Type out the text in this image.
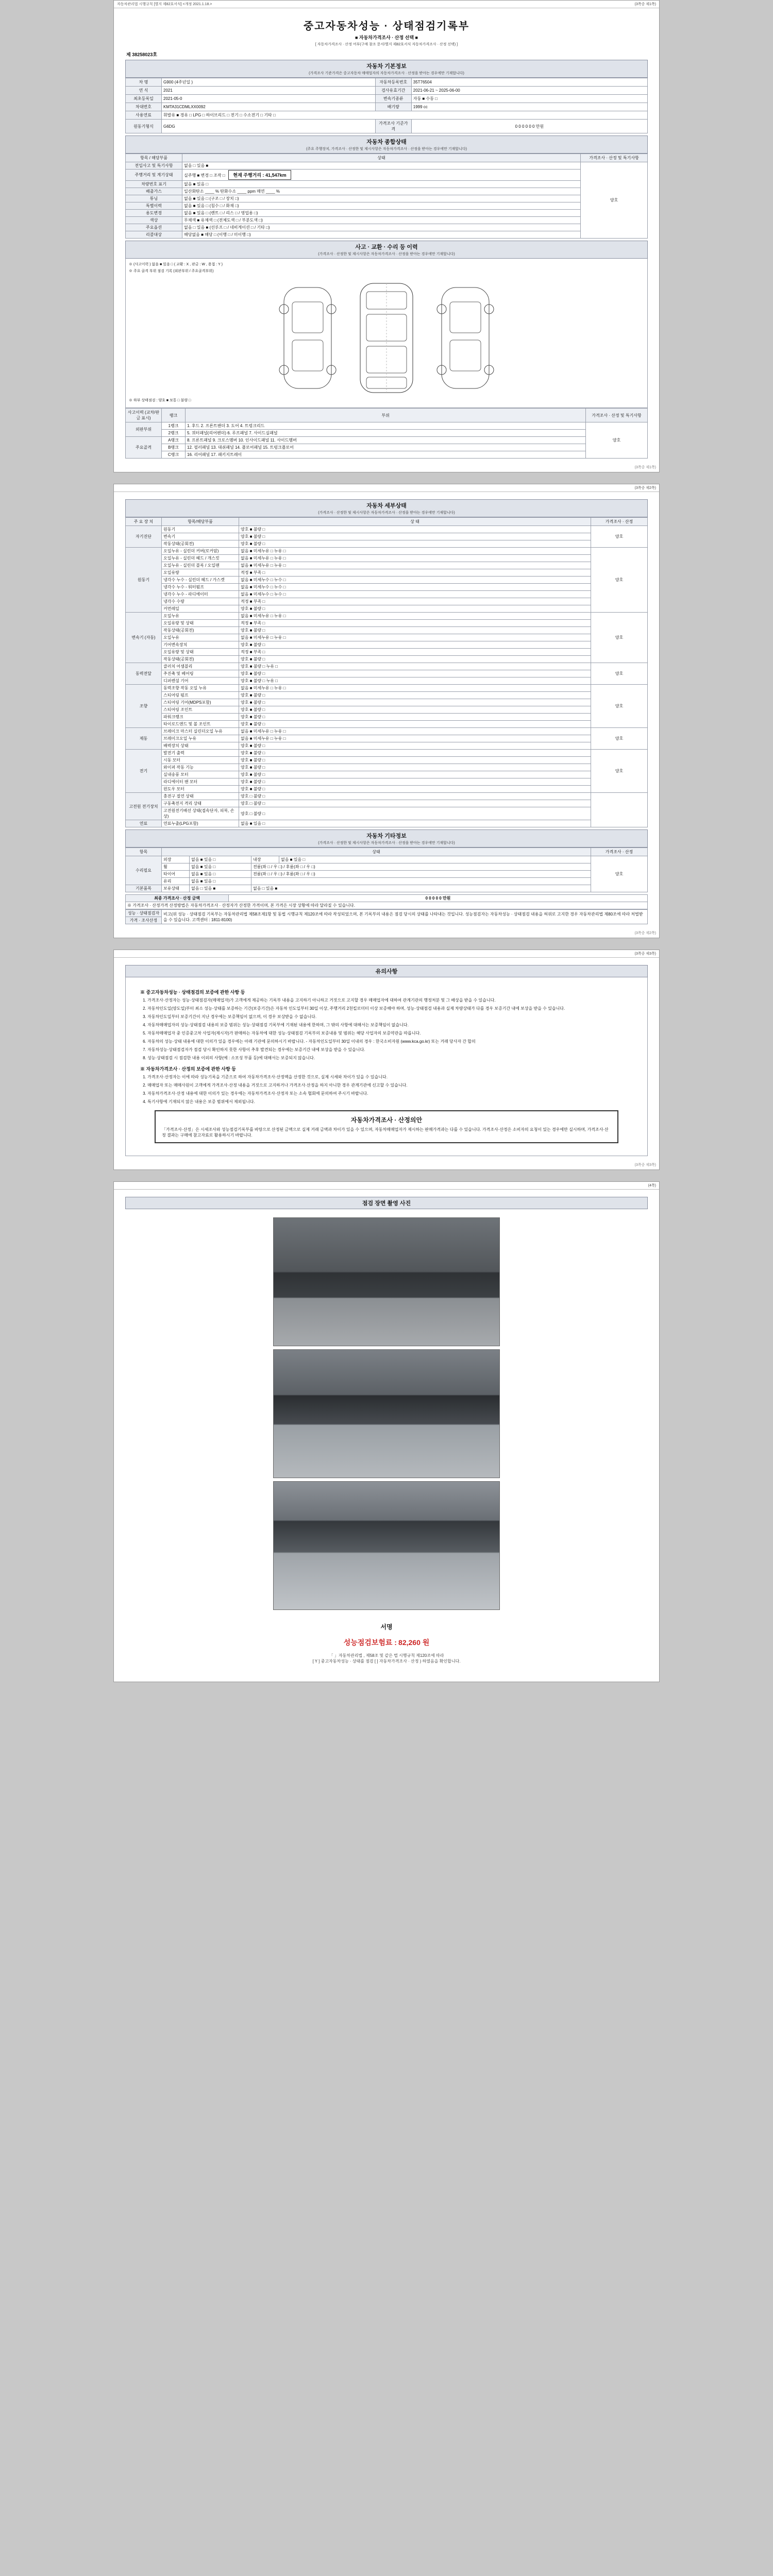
자동차관리법 시행규칙 [별지 제82호서식] <개정 2021.1.18.>	(3쪽중 제1쪽)
중고자동차성능 · 상태점검기록부
■ 자동차가격조사 · 산정 선택 ■
[ 자동차가격조사 · 산정 여부(구매 참조 문서/별지 제82호서식 자동차가격조사 · 산정 선택) ]
제 38258023호
자동차 기본정보
(가격조사 기준가격은 중고자동차 매매업자의 자동차가격조사 · 산정을 받아는 경우에만 기재합니다)
차 명	G900 (4주년일 )	자동차등록번호	35T76504
연 식	2021	검사유효기간	2021-06-21 ~ 2025-06-00
최초등록일	2021-05-0	변속기종류	자동 ■ 수동 □
차대번호	KMTA31CDMLXX0092	배기량	1999 cc
사용연료	휘발유 ■ 경유 □ LPG □ 하이브리드 □ 전기 □ 수소전기 □ 기타 □		
원동기형식	G6DG	가격조사 기준가격	0 0 0 0 0 0 만원
자동차 종합상태
(주요 주행장치, 가격조사 · 산정한 및 제시사항은 자동차가격조사 · 산정을 받아는 경우에만 기재합니다)
항목 / 해당부품	상태	가격조사 · 산정 및 특기사항
전입사고 및 특기사항	없음 □ 있음 ■	양호
주행거리 및 계기상태	실주행 ■ 변경 □ 조작 □ 현재 주행거리 : 41,547km	
차량번호 표기	없음 ■ 있음 □	
배출가스	일산화탄소 ____ % 탄화수소 ____ ppm 매연 ____ %	
튜닝	없음 ■ 있음 □ (구조 □ / 장치 □)	
특별이력	없음 ■ 있음 □ (침수 □ / 화재 □)	
용도변경	없음 ■ 있음 □ (렌트 □ / 리스 □ / 영업용 □)	
색상	무채색 ■ 유채색 □ (전체도색 □ / 부분도색 □)	
주요옵션	없음 □ 있음 ■ (선루프 □ / 네비게이션 □ / 기타 □)	
리콜대상	해당없음 ■ 해당 □ (이행 □ / 미이행 □)	
사고 · 교환 · 수리 등 이력
(가격조사 · 산정한 및 제시사항은 자동차가격조사 · 산정을 받아는 경우에만 기재합니다)
※ (사고이력 ) 없음 ■ 있음 □ ( 교환 : X , 판금 : W , 용접 : Y )
※ 주요 골격 부위 점검 기록 (외판부위 / 주요골격부위)
※ 하부 상태점검 : 양호 ■ 보통 □ 불량 □
사고이력 (교차/판금 표시)	랭크	부위	가격조사 · 산정 및 특기사항
외판부위	1랭크	1. 후드 2. 프론트팬더 3. 도어 4. 트렁크리드	양호
	2랭크	5. 쿼터패널(리어펜더) 6. 루프패널 7. 사이드실패널	
주요골격	A랭크	8. 프론트패널 9. 크로스멤버 10. 인사이드패널 11. 사이드멤버	
	B랭크	12. 필러패널 13. 대쉬패널 14. 플로어패널 15. 트렁크플로어	
	C랭크	16. 리어패널 17. 패키지트레이	
(3쪽중 제1쪽)

(3쪽중 제2쪽)
자동차 세부상태
(가격조사 · 산정한 및 제시사항은 자동차가격조사 · 산정을 받아는 경우에만 기재합니다)
주 요 장 치	항목/해당부품	상 태	가격조사 · 산정
자기진단	원동기	양호 ■ 불량 □	양호
	변속기	양호 ■ 불량 □	
	작동상태(공회전)	양호 ■ 불량 □	
원동기	오일누유 - 실린더 커버(로커암)	없음 ■ 미세누유 □ 누유 □	양호
	오일누유 - 실린더 헤드 / 개스킷	없음 ■ 미세누유 □ 누유 □	
	오일누유 - 실린더 블록 / 오일팬	없음 ■ 미세누유 □ 누유 □	
	오일유량	적정 ■ 부족 □	
	냉각수 누수 - 실린더 헤드 / 가스켓	없음 ■ 미세누수 □ 누수 □	
	냉각수 누수 - 워터펌프	없음 ■ 미세누수 □ 누수 □	
	냉각수 누수 - 라디에이터	없음 ■ 미세누수 □ 누수 □	
	냉각수 수량	적정 ■ 부족 □	
	커먼레일	양호 ■ 불량 □	
변속기 (자동)	오일누유	없음 ■ 미세누유 □ 누유 □	양호
	오일유량 및 상태	적정 ■ 부족 □	
	작동상태(공회전)	양호 ■ 불량 □	
	오일누유	없음 ■ 미세누유 □ 누유 □	
	기어변속장치	양호 ■ 불량 □	
	오일유량 및 상태	적정 ■ 부족 □	
	작동상태(공회전)	양호 ■ 불량 □	
동력전달	클러치 어셈블리	양호 ■ 불량 □ 누유 □	양호
	추진축 및 베어링	양호 ■ 불량 □	
	디퍼렌셜 기어	양호 ■ 불량 □ 누유 □	
조향	동력조향 작동 오일 누유	없음 ■ 미세누유 □ 누유 □	양호
	스티어링 펌프	양호 ■ 불량 □	
	스티어링 기어(MDPS포함)	양호 ■ 불량 □	
	스티어링 조인트	양호 ■ 불량 □	
	파워크랭크	양호 ■ 불량 □	
	타이로드엔드 및 볼 조인트	양호 ■ 불량 □	
제동	브레이크 마스터 실린더오일 누유	없음 ■ 미세누유 □ 누유 □	양호
	브레이크오일 누유	없음 ■ 미세누유 □ 누유 □	
	배력장치 상태	양호 ■ 불량 □	
전기	발전기 출력	양호 ■ 불량 □	양호
	시동 모터	양호 ■ 불량 □	
	와이퍼 작동 기능	양호 ■ 불량 □	
	실내송풍 모터	양호 ■ 불량 □	
	라디에이터 팬 모터	양호 ■ 불량 □	
	윈도우 모터	양호 ■ 불량 □	
고전원 전기장치	충전구 절연 상태	양호 □ 불량 □	
	구동축전지 격리 상태	양호 □ 불량 □	
	고전원전기배선 상태(접속단자, 피복, 손상)	양호 □ 불량 □	
연료	연료누출(LPG포함)	없음 ■ 있음 □	
자동차 기타정보
(가격조사 · 산정한 및 제시사항은 자동차가격조사 · 산정을 받아는 경우에만 기재합니다)
항목	상태				가격조사 · 산정
수리필요	외장	없음 ■ 있음 □	내장	없음 ■ 있음 □	양호
	휠	없음 ■ 있음 □	전륜(좌 □ / 우 □) / 후륜(좌 □ / 우 □)		
	타이어	없음 ■ 있음 □	전륜(좌 □ / 우 □) / 후륜(좌 □ / 우 □)		
	유리	없음 ■ 있음 □			
기본품목	보유상태	없음 □ 있음 ■	없음 □ 있음 ■		
최종 가격조사 · 산정 금액	0 0 0 0 0 만원
※ 가격조사 · 산정가격 산정방법은 자동차가격조사 · 산정자가 산정한 가격이며, 본 가격은 시장 상황에 따라 달라질 수 있습니다.
성능 · 상태점검자	비고(위 성능 · 상태점검 기록부는 자동차관리법 제58조제1항 및 동법 시행규칙 제120조에 따라 작성되었으며, 본 기록부의 내용은 점검 당시의 상태를 나타내는 것입니다. 성능점검자는 자동차성능 · 상태점검 내용을 허위로 고지한 경우 자동차관리법 제80조에 따라 처벌받을 수 있습니다. 고객센터 : 1811-8100)
가격 · 조사산정
(3쪽중 제2쪽)

(3쪽중 제3쪽)
유의사항
※ 중고자동차성능 · 상태점검의 보증에 관한 사항 등
1. 가격조사·산정자는 성능·상태점검자(매매업자)가 고객에게 제공하는 기록부 내용을 고지하기 아니하고 거짓으로 고지할 경우 매매업자에 대하여 관계기관의 행정처분 및 그 배상을 받을 수 있습니다.
2. 자동차인도일(양도일)부터 최소 성능·상태를 보증하는 기간(보증기간)은 자동차 인도일부터 30일 이상, 주행거리 2천킬로미터 이상 보증해야 하며, 성능·상태점검 내용과 실제 차량상태가 다를 경우 보증기간 내에 보상을 받을 수 있습니다.
3. 자동차인도일부터 보증기간이 지난 경우에는 보증책임이 없으며, 이 경우 보상받을 수 없습니다.
4. 자동차매매업자의 성능·상태점검 내용의 보증 범위는 성능·상태점검 기록부에 기재된 내용에 한하며, 그 밖의 사항에 대해서는 보증책임이 없습니다.
5. 자동차매매업자 중 인증중고차 사업자(제시자)가 판매하는 자동차에 대한 성능·상태점검 기록부의 보증내용 및 범위는 해당 사업자의 보증약관을 따릅니다.
6. 자동차의 성능·상태 내용에 대한 이의가 있을 경우에는 아래 기관에 문의하시기 바랍니다. - 자동차인도일부터 30일 이내의 경우 : 한국소비자원 (www.kca.go.kr) 또는 거래 당사자 간 합의
7. 자동차성능·상태점검자가 점검 당시 확인하지 못한 사항이 추후 발견되는 경우에는 보증기간 내에 보상을 받을 수 있습니다.
8. 성능·상태점검 시 점검한 내용 이외의 사항(예 : 소모성 부품 등)에 대해서는 보증되지 않습니다.
※ 자동차가격조사 · 산정의 보증에 관한 사항 등
1. 가격조사·산정자는 이에 따라 성능기록을 기준으로 하여 자동차가격조사·산정액을 산정한 것으로, 실제 시세와 차이가 있을 수 있습니다.
2. 매매업자 또는 매매사원이 고객에게 가격조사·산정 내용을 거짓으로 고지하거나 가격조사·산정을 하지 아니한 경우 관계기관에 신고할 수 있습니다.
3. 자동차가격조사·산정 내용에 대한 이의가 있는 경우에는 자동차가격조사·산정자 또는 소속 협회에 문의하여 주시기 바랍니다.
4. 특기사항에 기재되지 않은 내용은 보증 범위에서 제외됩니다.
자동차가격조사 · 산정의안
「가격조사·산정」은 시세조사와 성능점검기록부를 바탕으로 산정된 금액으로 실제 거래 금액과 차이가 있을 수 있으며, 자동차매매업자가 제시하는 판매가격과는 다를 수 있습니다. 가격조사·산정은 소비자의 요청이 있는 경우에만 실시하며, 가격조사·산정 결과는 구매에 참고자료로 활용하시기 바랍니다.
(3쪽중 제3쪽)

(4쪽)
점검 장면 촬영 사진
서명
성능점검보험료 : 82,260 원
「 」자동차관리법 , 제58조 및 같은 법 시행규칙 제120조에 따라
[ Y ] 중고자동차성능 · 상태를 점검 [ ] 자동차가격조사 · 산정 ) 하였음을 확인합니다.
